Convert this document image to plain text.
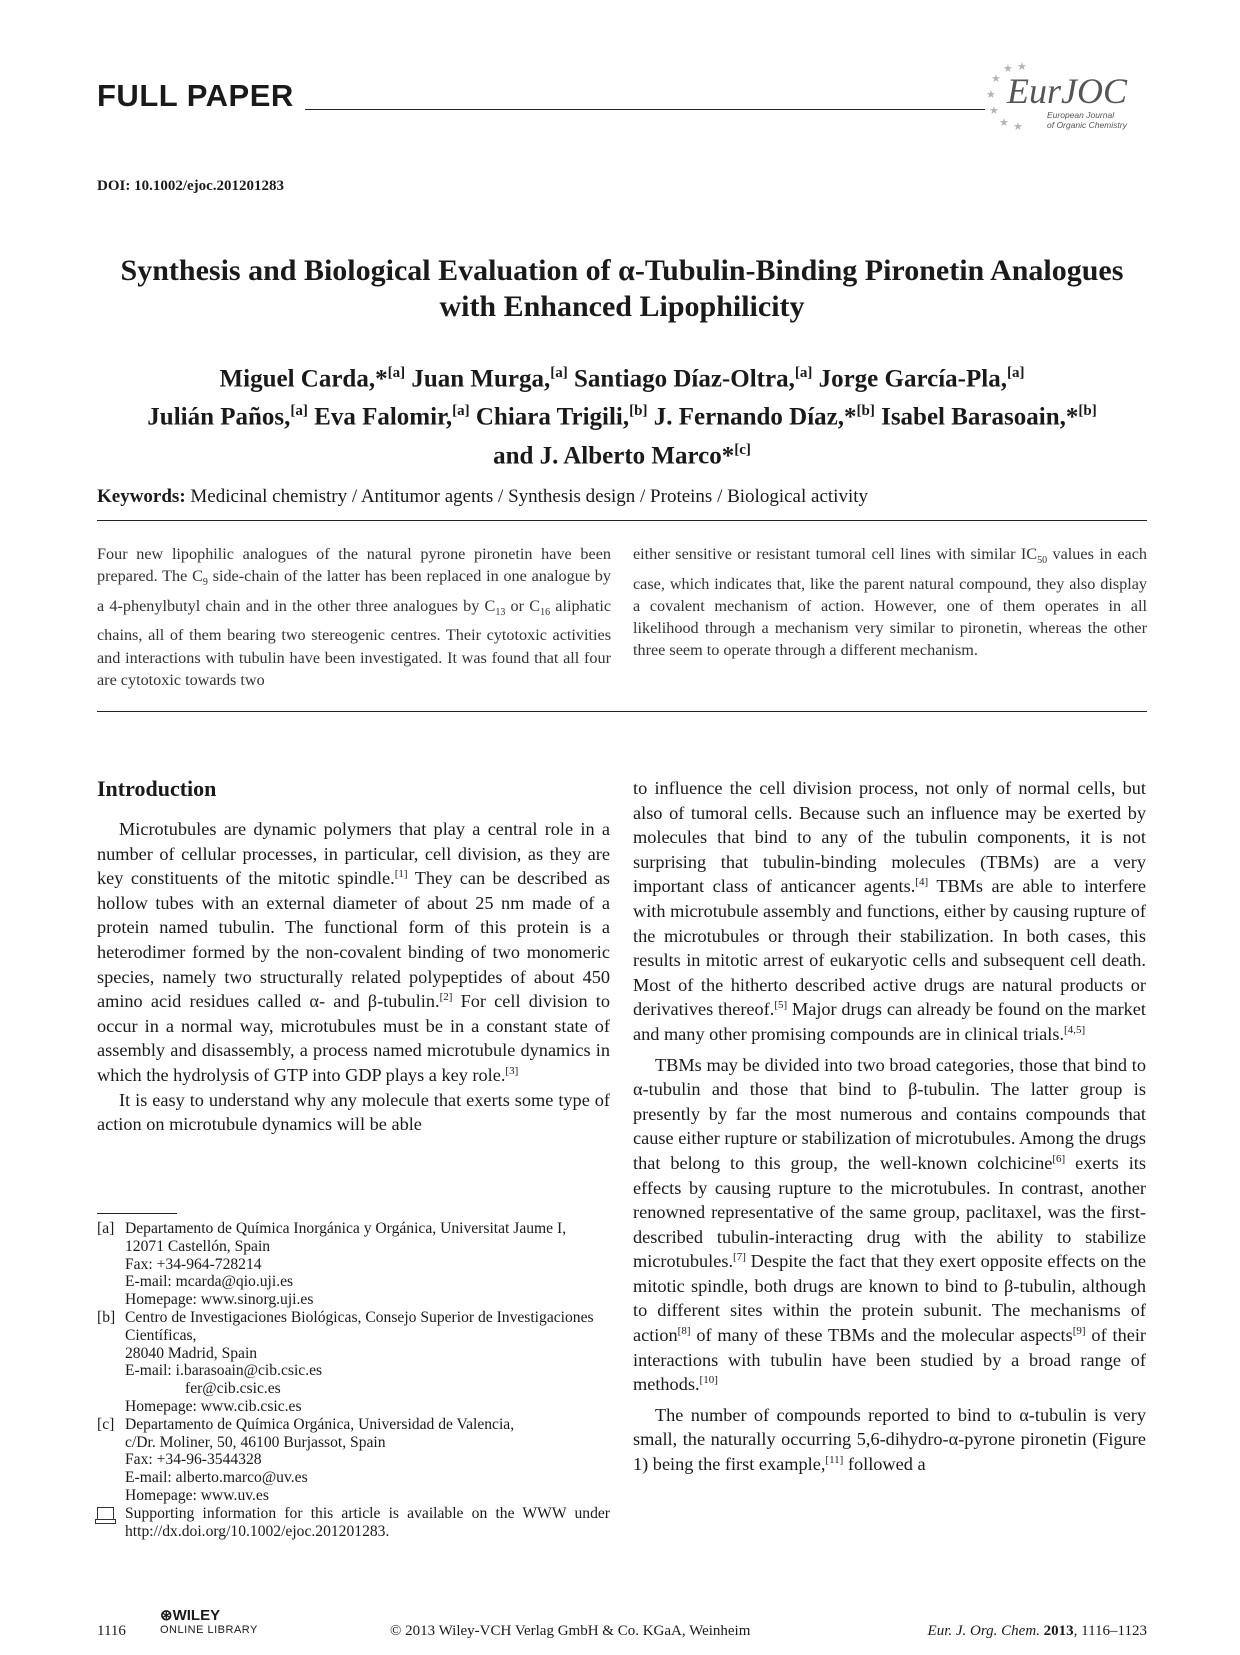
FULL PAPER
★
★
★
★
★ ★
★
EurJOC
European Journal
of Organic Chemistry
DOI: 10.1002/ejoc.201201283
Synthesis and Biological Evaluation of α-Tubulin-Binding Pironetin Analogues
with Enhanced Lipophilicity
Miguel Carda,*[a] Juan Murga,[a] Santiago Díaz-Oltra,[a] Jorge García-Pla,[a]
Julián Paños,[a] Eva Falomir,[a] Chiara Trigili,[b] J. Fernando Díaz,*[b] Isabel Barasoain,*[b]
and J. Alberto Marco*[c]
Keywords: Medicinal chemistry / Antitumor agents / Synthesis design / Proteins / Biological activity
Four new lipophilic analogues of the natural pyrone pironetin have been prepared. The $C_9$ side-chain of the latter has been replaced in one analogue by a 4-phenylbutyl chain and in the other three analogues by $C_{13}$ or $C_{16}$ aliphatic chains, all of them bearing two stereogenic centres. Their cytotoxic activities and interactions with tubulin have been investigated. It was found that all four are cytotoxic towards two
either sensitive or resistant tumoral cell lines with similar $IC_{50}$ values in each case, which indicates that, like the parent natural compound, they also display a covalent mechanism of action. However, one of them operates in all likelihood through a mechanism very similar to pironetin, whereas the other three seem to operate through a different mechanism.
Introduction

Microtubules are dynamic polymers that play a central role in a number of cellular processes, in particular, cell division, as they are key constituents of the mitotic spindle.[1] They can be described as hollow tubes with an external diameter of about 25 nm made of a protein named tubulin. The functional form of this protein is a heterodimer formed by the non-covalent binding of two monomeric species, namely two structurally related polypeptides of about 450 amino acid residues called α- and β-tubulin.[2] For cell division to occur in a normal way, microtubules must be in a constant state of assembly and disassembly, a process named microtubule dynamics in which the hydrolysis of GTP into GDP plays a key role.[3]

It is easy to understand why any molecule that exerts some type of action on microtubule dynamics will be able

to influence the cell division process, not only of normal cells, but also of tumoral cells. Because such an influence may be exerted by molecules that bind to any of the tubulin components, it is not surprising that tubulin-binding molecules (TBMs) are a very important class of anticancer agents.[4] TBMs are able to interfere with microtubule assembly and functions, either by causing rupture of the microtubules or through their stabilization. In both cases, this results in mitotic arrest of eukaryotic cells and subsequent cell death. Most of the hitherto described active drugs are natural products or derivatives thereof.[5] Major drugs can already be found on the market and many other promising compounds are in clinical trials.[4,5]

TBMs may be divided into two broad categories, those that bind to α-tubulin and those that bind to β-tubulin. The latter group is presently by far the most numerous and contains compounds that cause either rupture or stabilization of microtubules. Among the drugs that belong to this group, the well-known colchicine[6] exerts its effects by causing rupture to the microtubules. In contrast, another renowned representative of the same group, paclitaxel, was the first-described tubulin-interacting drug with the ability to stabilize microtubules.[7] Despite the fact that they exert opposite effects on the mitotic spindle, both drugs are known to bind to β-tubulin, although to different sites within the protein subunit. The mechanisms of action[8] of many of these TBMs and the molecular aspects[9] of their interactions with tubulin have been studied by a broad range of methods.[10]

The number of compounds reported to bind to α-tubulin is very small, the naturally occurring 5,6-dihydro-α-pyrone pironetin (Figure 1) being the first example,[11] followed a

[a] Departamento de Química Inorgánica y Orgánica, Universitat Jaume I,
12071 Castellón, Spain
Fax: +34-964-728214
E-mail: mcarda@qio.uji.es
Homepage: www.sinorg.uji.es
[b] Centro de Investigaciones Biológicas, Consejo Superior de Investigaciones Científicas,
28040 Madrid, Spain
E-mail: i.barasoain@cib.csic.es
fer@cib.csic.es
Homepage: www.cib.csic.es
[c] Departamento de Química Orgánica, Universidad de Valencia,
c/Dr. Moliner, 50, 46100 Burjassot, Spain
Fax: +34-96-3544328
E-mail: alberto.marco@uv.es
Homepage: www.uv.es
Supporting information for this article is available on the WWW under http://dx.doi.org/10.1002/ejoc.201201283.
1116
⊛WILEY
ONLINE LIBRARY	© 2013 Wiley-VCH Verlag GmbH & Co. KGaA, Weinheim	Eur. J. Org. Chem. 2013, 1116–1123
